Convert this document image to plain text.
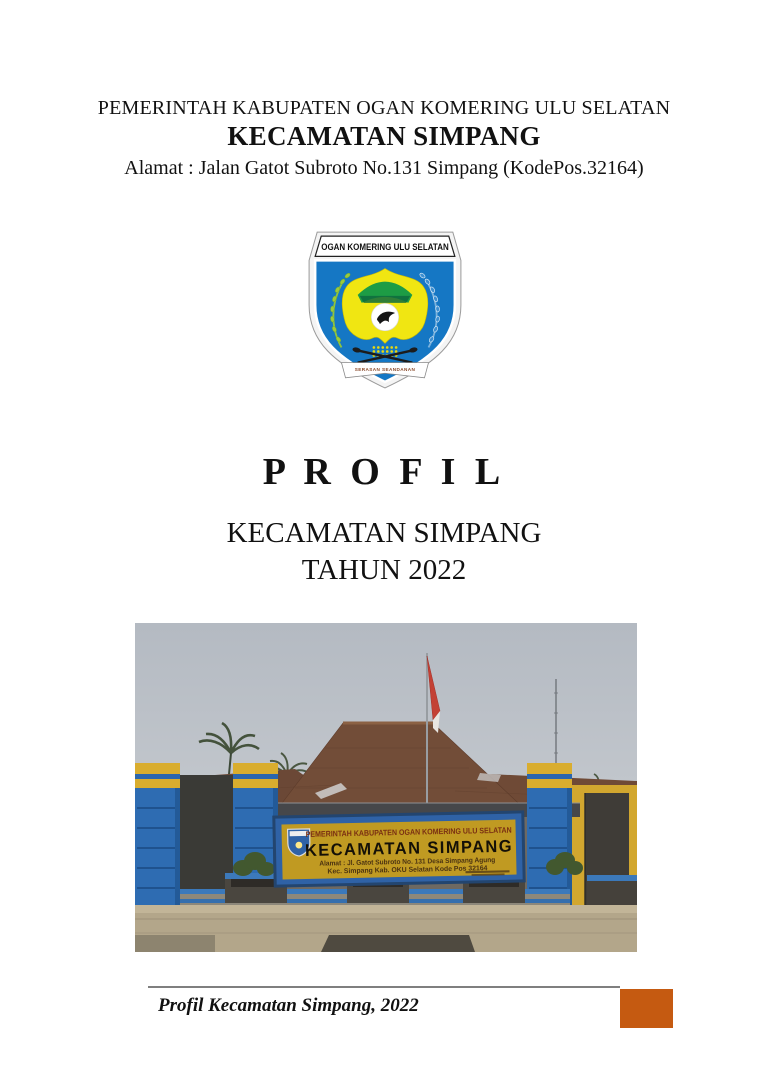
PEMERINTAH KABUPATEN OGAN KOMERING ULU SELATAN
KECAMATAN SIMPANG
Alamat : Jalan Gatot Subroto No.131 Simpang (KodePos.32164)
OGAN KOMERING ULU SELATAN
SERASAN SEANDANAN
P R O F I L
KECAMATAN SIMPANG
TAHUN 2022
PEMERINTAH KABUPATEN OGAN KOMERING ULU SELATAN
KECAMATAN SIMPANG
Alamat : Jl. Gatot Subroto No. 131 Desa Simpang Agung
Kec. Simpang Kab. OKU Selatan Kode Pos 32164
Profil Kecamatan Simpang, 2022
